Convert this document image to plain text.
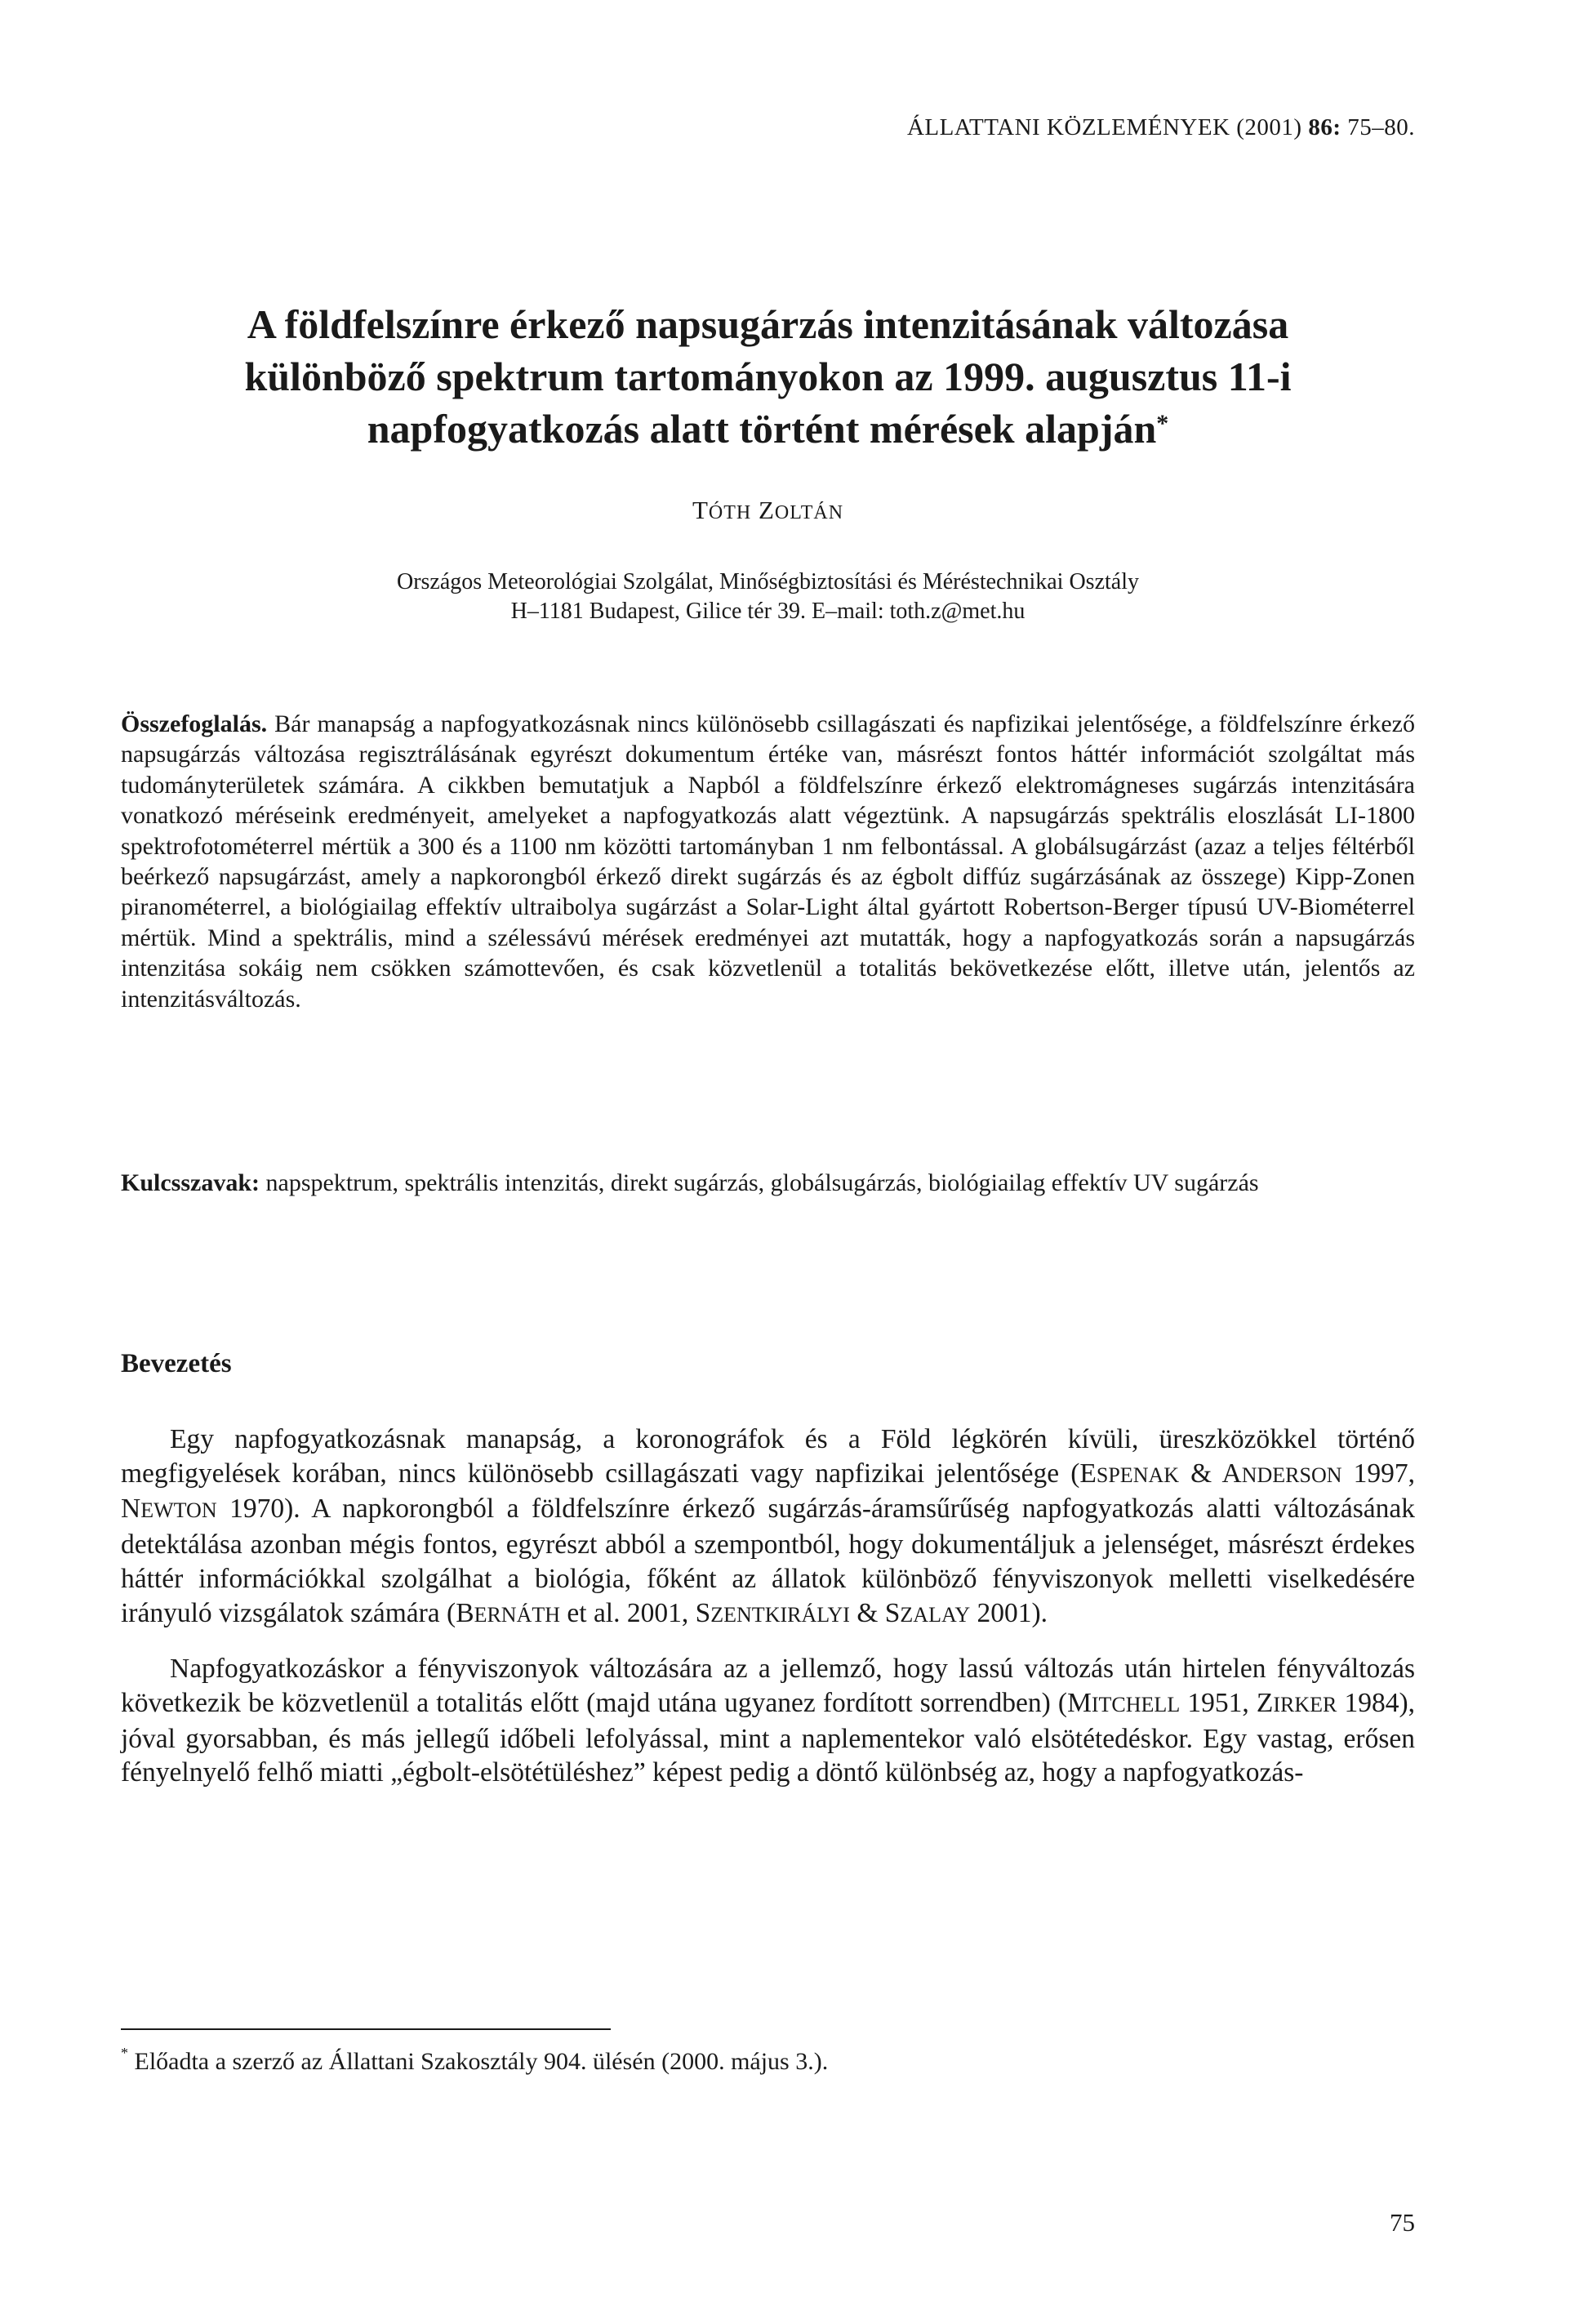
ÁLLATTANI KÖZLEMÉNYEK (2001) 86: 75–80.

A földfelszínre érkező napsugárzás intenzitásának változása
különböző spektrum tartományokon az 1999. augusztus 11-i
napfogyatkozás alatt történt mérések alapján*

TÓTH ZOLTÁN

Országos Meteorológiai Szolgálat, Minőségbiztosítási és Méréstechnikai Osztály
H–1181 Budapest, Gilice tér 39. E–mail: toth.z@met.hu

Összefoglalás. Bár manapság a napfogyatkozásnak nincs különösebb csillagászati és napfizikai jelentősége, a földfelszínre érkező napsugárzás változása regisztrálásának egyrészt dokumentum értéke van, másrészt fontos háttér információt szolgáltat más tudományterületek számára. A cikkben bemutatjuk a Napból a földfelszínre érkező elektromágneses sugárzás intenzitására vonatkozó méréseink eredményeit, amelyeket a napfogyatkozás alatt végeztünk. A napsugárzás spektrális eloszlását LI-1800 spektrofotométerrel mértük a 300 és a 1100 nm közötti tartományban 1 nm felbontással. A globálsugárzást (azaz a teljes féltérből beérkező napsugárzást, amely a napkorongból érkező direkt sugárzás és az égbolt diffúz sugárzásának az összege) Kipp-Zonen piranométerrel, a biológiailag effektív ultraibolya sugárzást a Solar-Light által gyártott Robertson-Berger típusú UV-Biométerrel mértük. Mind a spektrális, mind a szélessávú mérések eredményei azt mutatták, hogy a napfogyatkozás során a napsugárzás intenzitása sokáig nem csökken számottevően, és csak közvetlenül a totalitás bekövetkezése előtt, illetve után, jelentős az intenzitásváltozás.

Kulcsszavak: napspektrum, spektrális intenzitás, direkt sugárzás, globálsugárzás, biológiailag effektív UV sugárzás

Bevezetés

Egy napfogyatkozásnak manapság, a koronográfok és a Föld légkörén kívüli, üreszközökkel történő megfigyelések korában, nincs különösebb csillagászati vagy napfizikai jelentősége (ESPENAK & ANDERSON 1997, NEWTON 1970). A napkorongból a földfelszínre érkező sugárzás-áramsűrűség napfogyatkozás alatti változásának detektálása azonban mégis fontos, egyrészt abból a szempontból, hogy dokumentáljuk a jelenséget, másrészt érdekes háttér információkkal szolgálhat a biológia, főként az állatok különböző fényviszonyok melletti viselkedésére irányuló vizsgálatok számára (BERNÁTH et al. 2001, SZENTKIRÁLYI & SZALAY 2001).

Napfogyatkozáskor a fényviszonyok változására az a jellemző, hogy lassú változás után hirtelen fényváltozás következik be közvetlenül a totalitás előtt (majd utána ugyanez fordított sorrendben) (MITCHELL 1951, ZIRKER 1984), jóval gyorsabban, és más jellegű időbeli lefolyással, mint a naplementekor való elsötétedéskor. Egy vastag, erősen fényelnyelő felhő miatti „égbolt-elsötétüléshez” képest pedig a döntő különbség az, hogy a napfogyatkozás-

* Előadta a szerző az Állattani Szakosztály 904. ülésén (2000. május 3.).

75
